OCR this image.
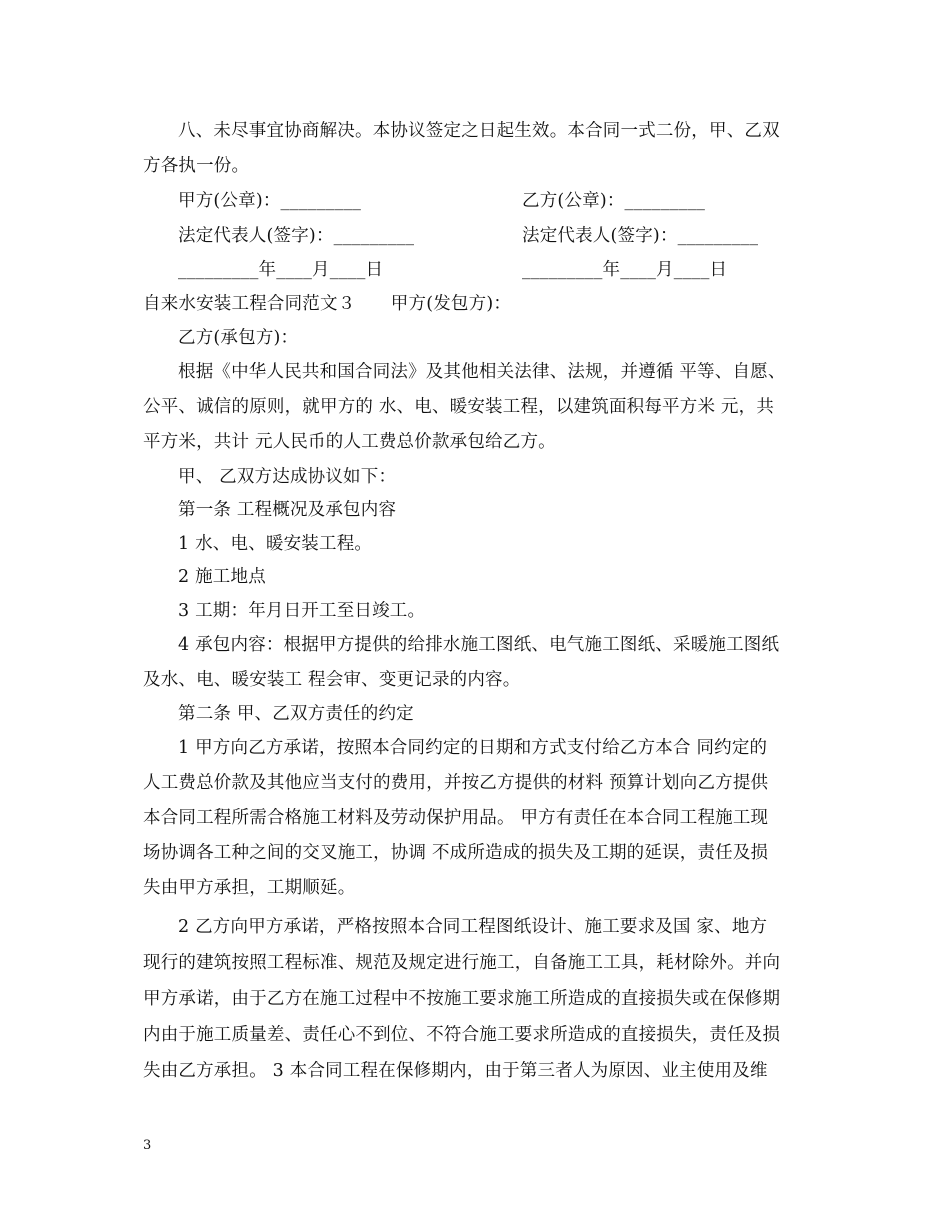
八、未尽事宜协商解决。本协议签定之日起生效。本合同一式二份，甲、乙双
方各执一份。
甲方(公章)：_________	乙方(公章)：_________
法定代表人(签字)：_________	法定代表人(签字)：_________
_________年____月____日	_________年____月____日
自来水安装工程合同范文３　　甲方(发包方)：
乙方(承包方)：
根据《中华人民共和国合同法》及其他相关法律、法规，并遵循 平等、自愿、
公平、诚信的原则，就甲方的 水、电、暖安装工程，以建筑面积每平方米 元，共
平方米，共计 元人民币的人工费总价款承包给乙方。
甲、 乙双方达成协议如下：
第一条 工程概况及承包内容
1 水、电、暖安装工程。
2 施工地点
3 工期：年月日开工至日竣工。
4 承包内容：根据甲方提供的给排水施工图纸、电气施工图纸、采暖施工图纸
及水、电、暖安装工 程会审、变更记录的内容。
第二条 甲、乙双方责任的约定
1 甲方向乙方承诺，按照本合同约定的日期和方式支付给乙方本合 同约定的
人工费总价款及其他应当支付的费用，并按乙方提供的材料 预算计划向乙方提供
本合同工程所需合格施工材料及劳动保护用品。 甲方有责任在本合同工程施工现
场协调各工种之间的交叉施工，协调 不成所造成的损失及工期的延误，责任及损
失由甲方承担，工期顺延。
2 乙方向甲方承诺，严格按照本合同工程图纸设计、施工要求及国 家、地方
现行的建筑按照工程标准、规范及规定进行施工，自备施工工具，耗材除外。并向
甲方承诺，由于乙方在施工过程中不按施工要求施工所造成的直接损失或在保修期
内由于施工质量差、责任心不到位、不符合施工要求所造成的直接损失，责任及损
失由乙方承担。 3 本合同工程在保修期内，由于第三者人为原因、业主使用及维
3
